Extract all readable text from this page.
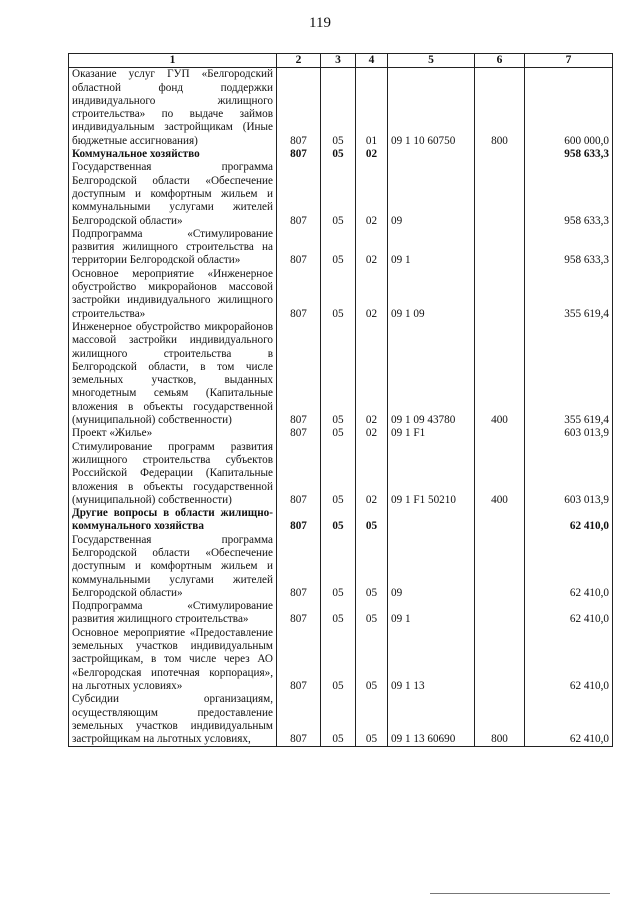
119
1	2	3	4	5	6	7
Оказание услуг ГУП «Белгородский областной фонд поддержки индивидуального жилищного строительства» по выдаче займов индивидуальным застройщикам (Иные бюджетные ассигнования)	807	05	01	09 1 10 60750	800	600 000,0
Коммунальное хозяйство	807	05	02			958 633,3
Государственная программа Белгородской области «Обеспечение доступным и комфортным жильем и коммунальными услугами жителей Белгородской области»	807	05	02	09		958 633,3
Подпрограмма «Стимулирование развития жилищного строительства на территории Белгородской области»	807	05	02	09 1		958 633,3
Основное мероприятие «Инженерное обустройство микрорайонов массовой застройки индивидуального жилищного строительства»	807	05	02	09 1 09		355 619,4
Инженерное обустройство микрорайонов массовой застройки индивидуального жилищного строительства в Белгородской области, в том числе земельных участков, выданных многодетным семьям (Капитальные вложения в объекты государственной (муниципальной) собственности)	807	05	02	09 1 09 43780	400	355 619,4
Проект «Жилье»	807	05	02	09 1 F1		603 013,9
Стимулирование программ развития жилищного строительства субъектов Российской Федерации (Капитальные вложения в объекты государственной (муниципальной) собственности)	807	05	02	09 1 F1 50210	400	603 013,9
Другие вопросы в области жилищно-коммунального хозяйства	807	05	05			62 410,0
Государственная программа Белгородской области «Обеспечение доступным и комфортным жильем и коммунальными услугами жителей Белгородской области»	807	05	05	09		62 410,0
Подпрограмма «Стимулирование развития жилищного строительства»	807	05	05	09 1		62 410,0
Основное мероприятие «Предоставление земельных участков индивидуальным застройщикам, в том числе через АО «Белгородская ипотечная корпорация», на льготных условиях»	807	05	05	09 1 13		62 410,0
Субсидии организациям, осуществляющим предоставление земельных участков индивидуальным застройщикам на льготных условиях,	807	05	05	09 1 13 60690	800	62 410,0
